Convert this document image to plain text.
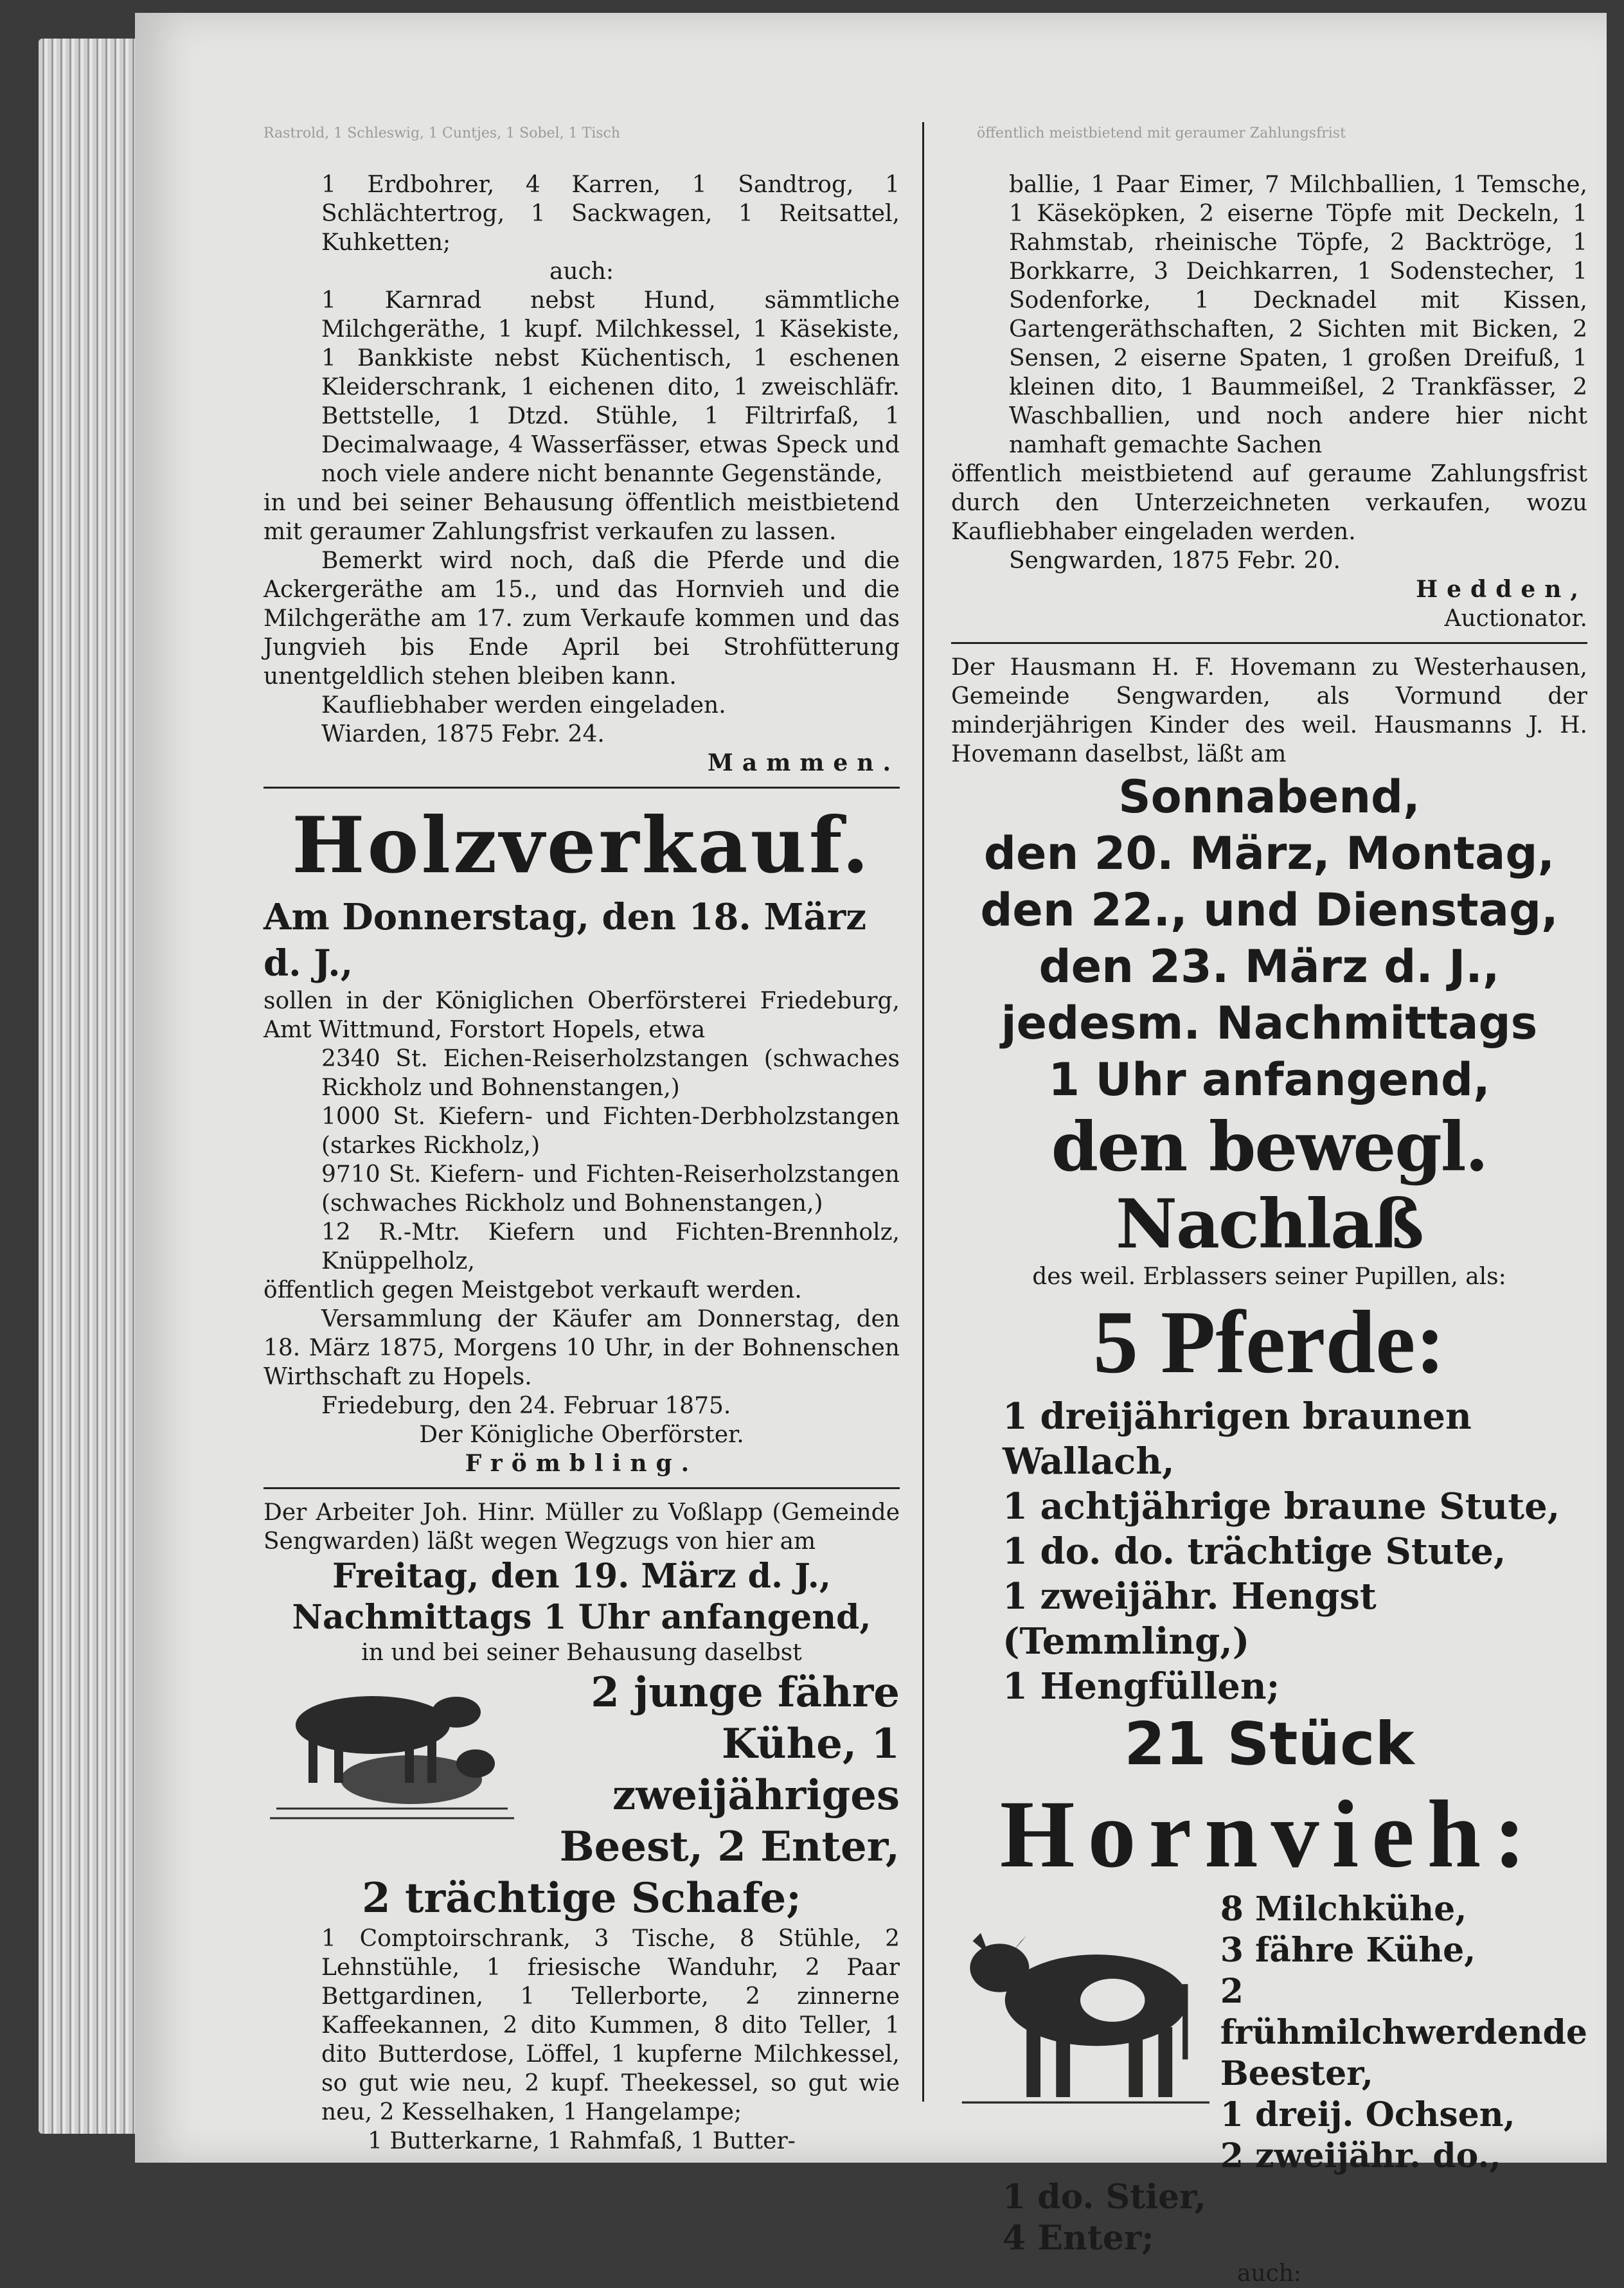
Rastrold, 1 Schleswig, 1 Cuntjes, 1 Sobel, 1 Tisch	öffentlich meistbietend mit geraumer Zahlungsfrist

1 Erdbohrer, 4 Karren, 1 Sandtrog, 1 Schlächtertrog, 1 Sackwagen, 1 Reitsattel, Kuhketten;

auch:

1 Karnrad nebst Hund, sämmtliche Milchgeräthe, 1 kupf. Milchkessel, 1 Käsekiste, 1 Bankkiste nebst Küchentisch, 1 eschenen Kleiderschrank, 1 eichenen dito, 1 zweischläfr. Bettstelle, 1 Dtzd. Stühle, 1 Filtrirfaß, 1 Decimalwaage, 4 Wasserfässer, etwas Speck und noch viele andere nicht benannte Gegenstände,

in und bei seiner Behausung öffentlich meistbietend mit geraumer Zahlungsfrist verkaufen zu lassen.

Bemerkt wird noch, daß die Pferde und die Ackergeräthe am 15., und das Hornvieh und die Milchgeräthe am 17. zum Verkaufe kommen und das Jungvieh bis Ende April bei Strohfütterung unentgeldlich stehen bleiben kann.

Kaufliebhaber werden eingeladen.

Wiarden, 1875 Febr. 24.

Mammen.

Holzverkauf.

Am Donnerstag, den 18. März d. J.,

sollen in der Königlichen Oberförsterei Friedeburg, Amt Wittmund, Forstort Hopels, etwa

2340 St. Eichen-Reiserholzstangen (schwaches Rickholz und Bohnenstangen,)

1000 St. Kiefern- und Fichten-Derbholzstangen (starkes Rickholz,)

9710 St. Kiefern- und Fichten-Reiserholzstangen (schwaches Rickholz und Bohnenstangen,)

12 R.-Mtr. Kiefern und Fichten-Brennholz, Knüppelholz,

öffentlich gegen Meistgebot verkauft werden.

Versammlung der Käufer am Donnerstag, den 18. März 1875, Morgens 10 Uhr, in der Bohnenschen Wirthschaft zu Hopels.

Friedeburg, den 24. Februar 1875.

Der Königliche Oberförster.

Frömbling.

Der Arbeiter Joh. Hinr. Müller zu Voßlapp (Gemeinde Sengwarden) läßt wegen Wegzugs von hier am

Freitag, den 19. März d. J.,

Nachmittags 1 Uhr anfangend,

in und bei seiner Behausung daselbst

2 junge fähre Kühe, 1 zweijähriges Beest, 2 Enter,

2 trächtige Schafe;

1 Comptoirschrank, 3 Tische, 8 Stühle, 2 Lehnstühle, 1 friesische Wanduhr, 2 Paar Bettgardinen, 1 Tellerborte, 2 zinnerne Kaffeekannen, 2 dito Kummen, 8 dito Teller, 1 dito Butterdose, Löffel, 1 kupferne Milchkessel, so gut wie neu, 2 kupf. Theekessel, so gut wie neu, 2 Kesselhaken, 1 Hangelampe;

1 Butterkarne, 1 Rahmfaß, 1 Butter-

ballie, 1 Paar Eimer, 7 Milchballien, 1 Temsche, 1 Käseköpken, 2 eiserne Töpfe mit Deckeln, 1 Rahmstab, rheinische Töpfe, 2 Backtröge, 1 Borkkarre, 3 Deichkarren, 1 Sodenstecher, 1 Sodenforke, 1 Decknadel mit Kissen, Gartengeräthschaften, 2 Sichten mit Bicken, 2 Sensen, 2 eiserne Spaten, 1 großen Dreifuß, 1 kleinen dito, 1 Baummeißel, 2 Trankfässer, 2 Waschballien, und noch andere hier nicht namhaft gemachte Sachen

öffentlich meistbietend auf geraume Zahlungsfrist durch den Unterzeichneten verkaufen, wozu Kaufliebhaber eingeladen werden.

Sengwarden, 1875 Febr. 20.

Hedden,

Auctionator.

Der Hausmann H. F. Hovemann zu Westerhausen, Gemeinde Sengwarden, als Vormund der minderjährigen Kinder des weil. Hausmanns J. H. Hovemann daselbst, läßt am

Sonnabend,

den 20. März, Montag,

den 22., und Dienstag,

den 23. März d. J.,

jedesm. Nachmittags

1 Uhr anfangend,

den bewegl. Nachlaß

des weil. Erblassers seiner Pupillen, als:

5 Pferde:

1 dreijährigen braunen Wallach,

1 achtjährige braune Stute,

1 do. do. trächtige Stute,

1 zweijähr. Hengst (Temmling,)

1 Hengfüllen;

21 Stück

Hornvieh:

8 Milchkühe,

3 fähre Kühe,

2 frühmilchwerdende Beester,

1 dreij. Ochsen,

2 zweijähr. do.,

1 do. Stier,

4 Enter;

auch:
